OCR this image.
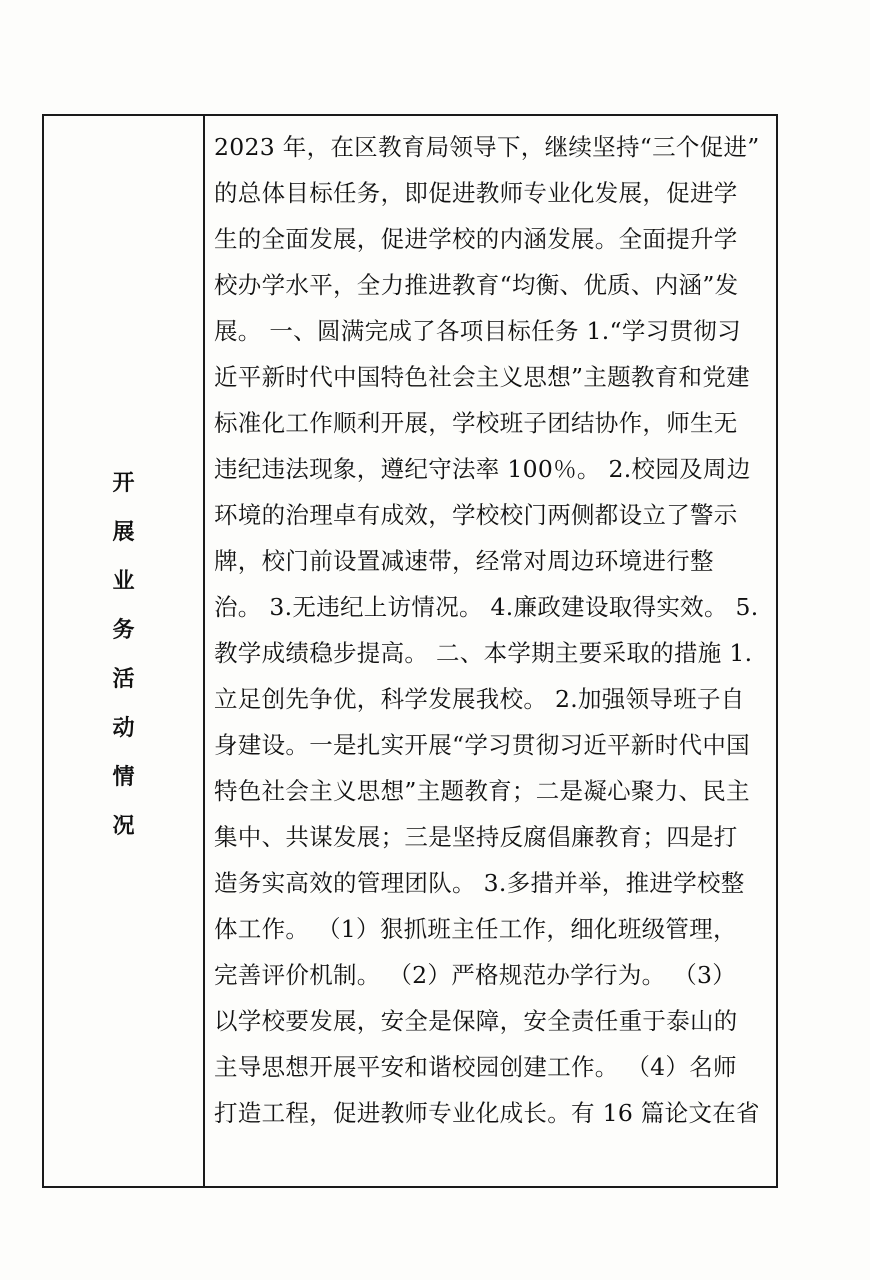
开
展
业
务
活
动
情
况
2023 年，在区教育局领导下，继续坚持“三个促进”
的总体目标任务，即促进教师专业化发展，促进学
生的全面发展，促进学校的内涵发展。全面提升学
校办学水平，全力推进教育“均衡、优质、内涵”发
展。 一、圆满完成了各项目标任务 1.“学习贯彻习
近平新时代中国特色社会主义思想”主题教育和党建
标准化工作顺利开展，学校班子团结协作，师生无
违纪违法现象，遵纪守法率 100％。 2.校园及周边
环境的治理卓有成效，学校校门两侧都设立了警示
牌，校门前设置减速带，经常对周边环境进行整
治。 3.无违纪上访情况。 4.廉政建设取得实效。 5.
教学成绩稳步提高。 二、本学期主要采取的措施 1.
立足创先争优，科学发展我校。 2.加强领导班子自
身建设。一是扎实开展“学习贯彻习近平新时代中国
特色社会主义思想”主题教育；二是凝心聚力、民主
集中、共谋发展；三是坚持反腐倡廉教育；四是打
造务实高效的管理团队。 3.多措并举，推进学校整
体工作。 （1）狠抓班主任工作，细化班级管理，
完善评价机制。 （2）严格规范办学行为。 （3）
以学校要发展，安全是保障，安全责任重于泰山的
主导思想开展平安和谐校园创建工作。 （4）名师
打造工程，促进教师专业化成长。有 16 篇论文在省
